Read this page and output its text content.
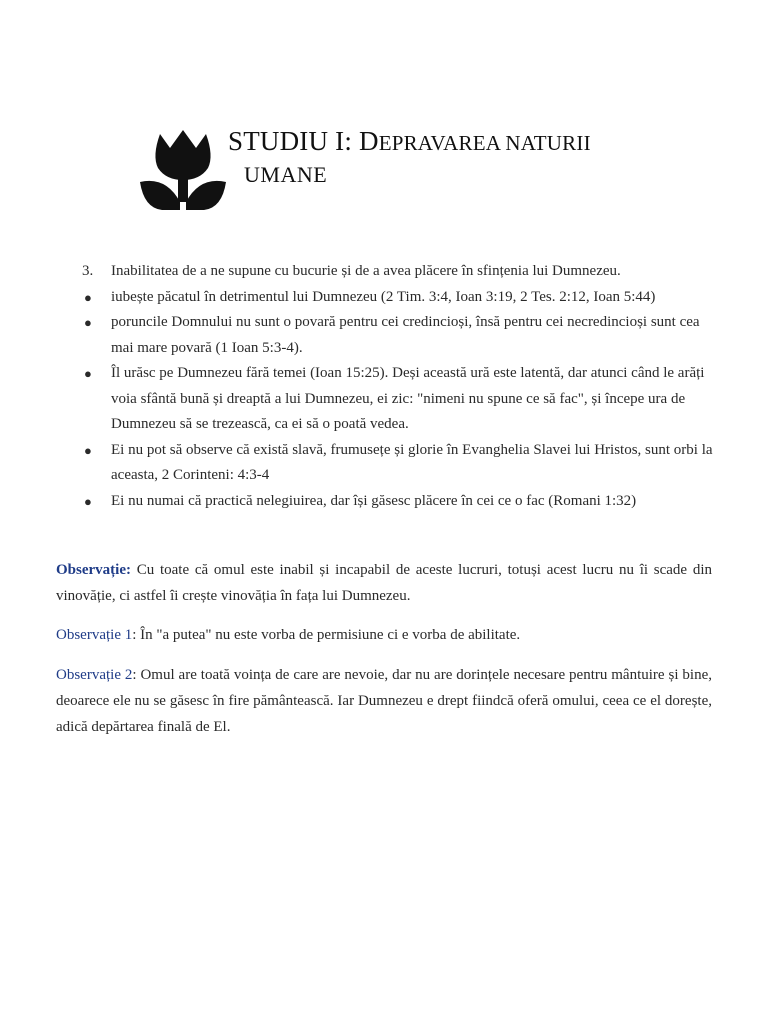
STUDIU I: DEPRAVAREA NATURII
UMANE
3.	Inabilitatea de a ne supune cu bucurie și de a avea plăcere în sfințenia lui Dumnezeu.
●	iubește păcatul în detrimentul lui Dumnezeu (2 Tim. 3:4, Ioan 3:19, 2 Tes. 2:12, Ioan 5:44)
●	poruncile Domnului nu sunt o povară pentru cei credincioși, însă pentru cei necredincioși sunt cea mai mare povară (1 Ioan 5:3-4).
●	Îl urăsc pe Dumnezeu fără temei (Ioan 15:25). Deși această ură este latentă, dar atunci când le arăți voia sfântă bună și dreaptă a lui Dumnezeu, ei zic: "nimeni nu spune ce să fac", și începe ura de Dumnezeu să se trezească, ca ei să o poată vedea.
●	Ei nu pot să observe că există slavă, frumusețe și glorie în Evanghelia Slavei lui Hristos, sunt orbi la aceasta, 2 Corinteni: 4:3-4
●	Ei nu numai că practică nelegiuirea, dar își găsesc plăcere în cei ce o fac (Romani 1:32)

Observație: Cu toate că omul este inabil și incapabil de aceste lucruri, totuși acest lucru nu îi scade din vinovăție, ci astfel îi crește vinovăția în fața lui Dumnezeu.

Observație 1: În "a putea" nu este vorba de permisiune ci e vorba de abilitate.

Observație 2: Omul are toată voința de care are nevoie, dar nu are dorințele necesare pentru mântuire și bine, deoarece ele nu se găsesc în fire pământească. Iar Dumnezeu e drept fiindcă oferă omului, ceea ce el dorește, adică depărtarea finală de El.
